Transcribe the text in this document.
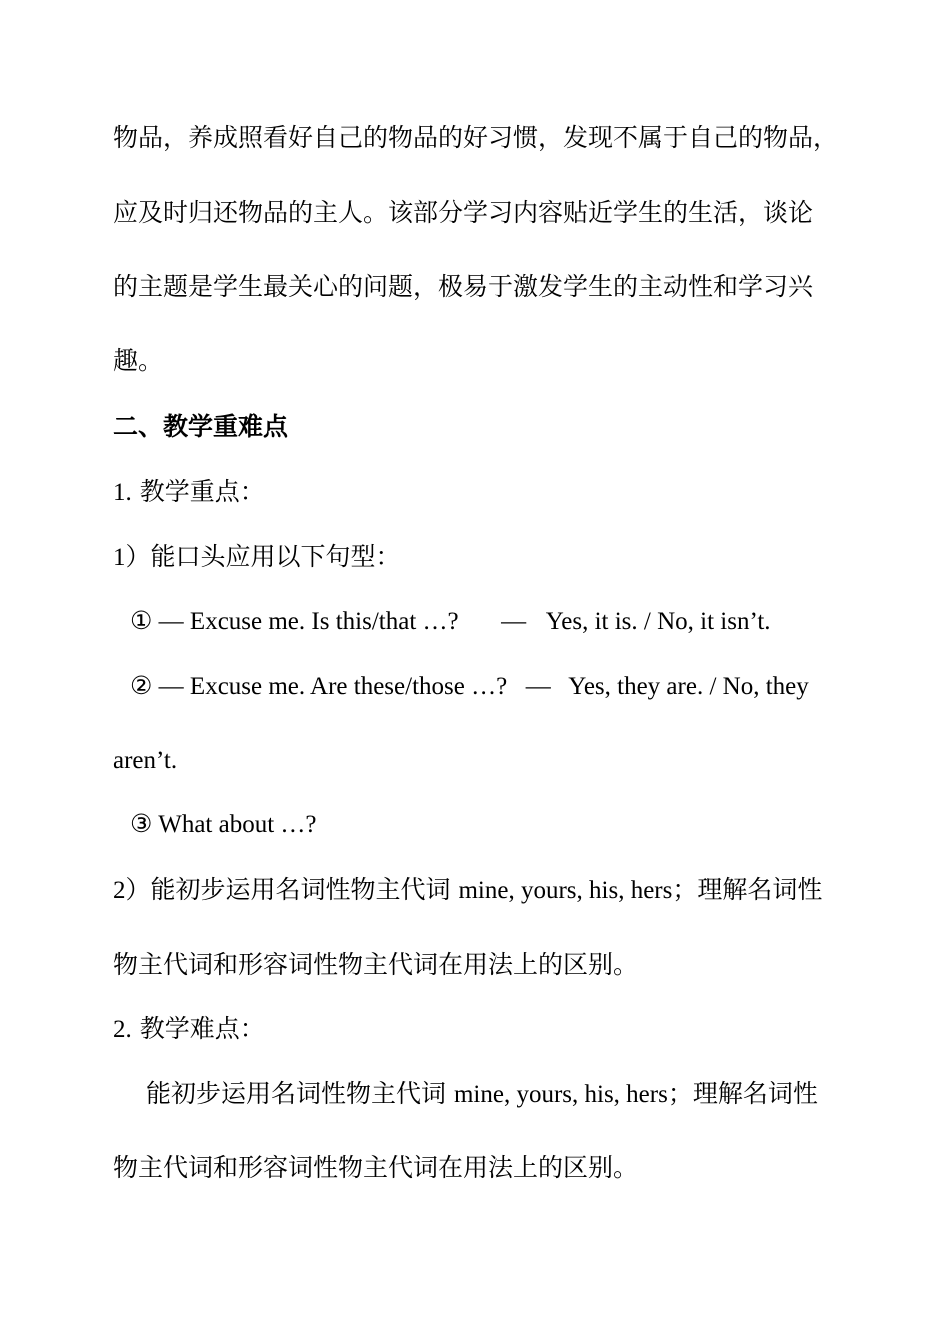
物品，养成照看好自己的物品的好习惯，发现不属于自己的物品，
应及时归还物品的主人。该部分学习内容贴近学生的生活，谈论
的主题是学生最关心的问题，极易于激发学生的主动性和学习兴
趣。
二、教学重难点
1. 教学重点：
1）能口头应用以下句型：
① — Excuse me. Is this/that …? — Yes, it is. / No, it isn’t.
② — Excuse me. Are these/those …? — Yes, they are. / No, they
aren’t.
③ What about …?
2）能初步运用名词性物主代词 mine, yours, his, hers；理解名词性
物主代词和形容词性物主代词在用法上的区别。
2. 教学难点：
能初步运用名词性物主代词 mine, yours, his, hers；理解名词性
物主代词和形容词性物主代词在用法上的区别。
